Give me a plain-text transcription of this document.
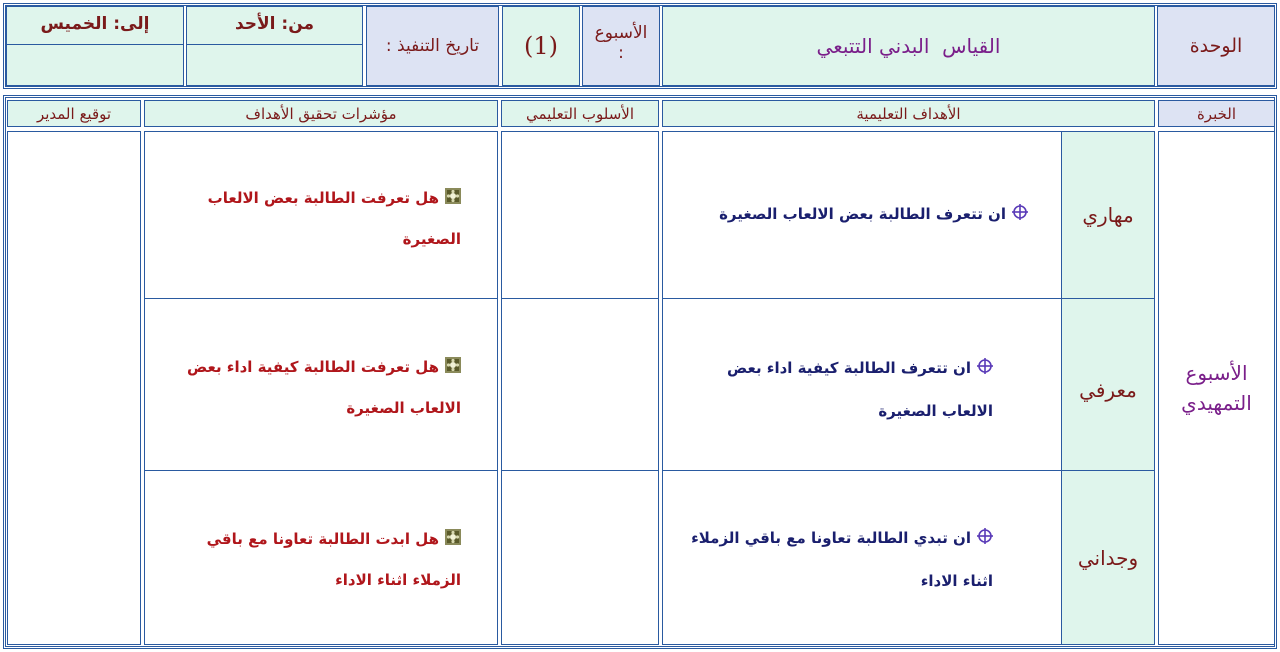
الوحدة
القياس  البدني التتبعي
الأسبوع
:
(1)
تاريخ التنفيذ :
من: الأحد
إلى: الخميس
الخبرة
الأهداف التعليمية
الأسلوب التعليمي
مؤشرات تحقيق الأهداف
توقيع المدير
الأسبوع التمهيدي
مهاري
ان تتعرف الطالبة بعض الالعاب الصغيرة
هل تعرفت الطالبة بعض الالعاب الصغيرة
معرفي
ان تتعرف الطالبة كيفية اداء بعض الالعاب الصغيرة
هل تعرفت الطالبة كيفية اداء بعض الالعاب الصغيرة
وجداني
ان تبدي الطالبة تعاونا مع باقي الزملاء اثناء الاداء
هل ابدت الطالبة تعاونا مع باقي الزملاء اثناء الاداء
